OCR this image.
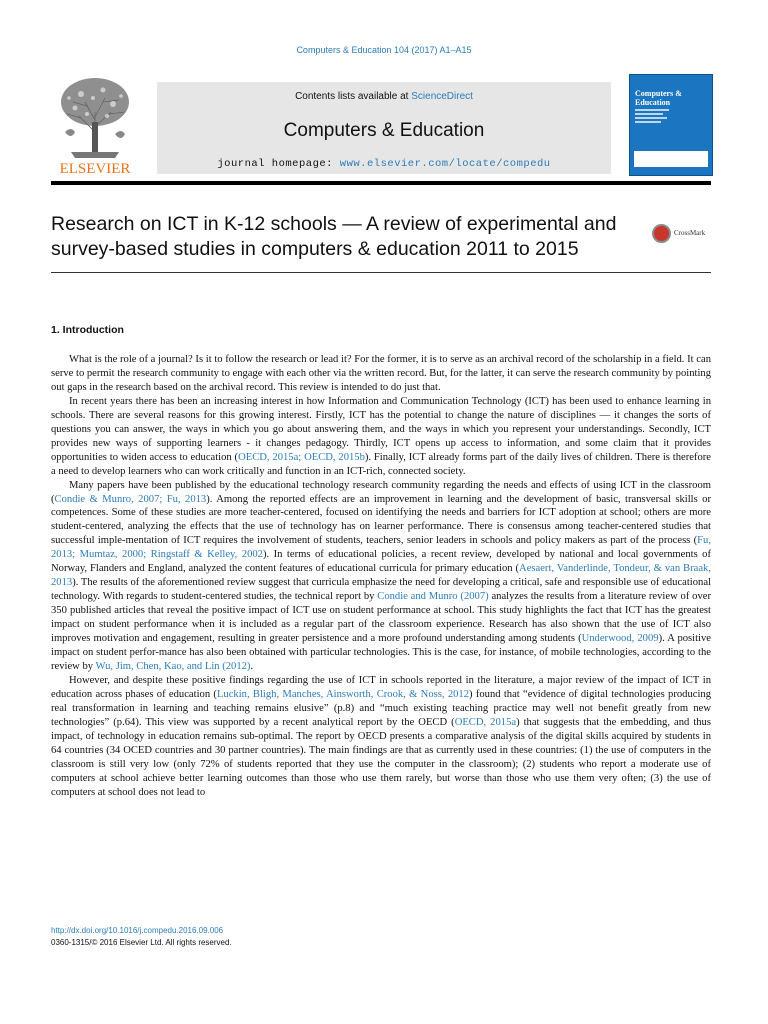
Computers & Education 104 (2017) A1–A15
ELSEVIER
Contents lists available at ScienceDirect
Computers & Education
journal homepage: www.elsevier.com/locate/compedu
Computers & Education
Research on ICT in K-12 schools — A review of experimental and survey-based studies in computers & education 2011 to 2015
CrossMark
1. Introduction

What is the role of a journal? Is it to follow the research or lead it? For the former, it is to serve as an archival record of the scholarship in a field. It can serve to permit the research community to engage with each other via the written record. But, for the latter, it can serve the research community by pointing out gaps in the research based on the archival record. This review is intended to do just that.

In recent years there has been an increasing interest in how Information and Communication Technology (ICT) has been used to enhance learning in schools. There are several reasons for this growing interest. Firstly, ICT has the potential to change the nature of disciplines — it changes the sorts of questions you can answer, the ways in which you go about answering them, and the ways in which you represent your understandings. Secondly, ICT provides new ways of supporting learners - it changes pedagogy. Thirdly, ICT opens up access to information, and some claim that it provides opportunities to widen access to education (OECD, 2015a; OECD, 2015b). Finally, ICT already forms part of the daily lives of children. There is therefore a need to develop learners who can work critically and function in an ICT-rich, connected society.

Many papers have been published by the educational technology research community regarding the needs and effects of using ICT in the classroom (Condie & Munro, 2007; Fu, 2013). Among the reported effects are an improvement in learning and the development of basic, transversal skills or competences. Some of these studies are more teacher-centered, focused on identifying the needs and barriers for ICT adoption at school; others are more student-centered, analyzing the effects that the use of technology has on learner performance. There is consensus among teacher-centered studies that successful imple-mentation of ICT requires the involvement of students, teachers, senior leaders in schools and policy makers as part of the process (Fu, 2013; Mumtaz, 2000; Ringstaff & Kelley, 2002). In terms of educational policies, a recent review, developed by national and local governments of Norway, Flanders and England, analyzed the content features of educational curricula for primary education (Aesaert, Vanderlinde, Tondeur, & van Braak, 2013). The results of the aforementioned review suggest that curricula emphasize the need for developing a critical, safe and responsible use of educational technology. With regards to student-centered studies, the technical report by Condie and Munro (2007) analyzes the results from a literature review of over 350 published articles that reveal the positive impact of ICT use on student performance at school. This study highlights the fact that ICT has the greatest impact on student performance when it is included as a regular part of the classroom experience. Research has also shown that the use of ICT also improves motivation and engagement, resulting in greater persistence and a more profound understanding among students (Underwood, 2009). A positive impact on student perfor-mance has also been obtained with particular technologies. This is the case, for instance, of mobile technologies, according to the review by Wu, Jim, Chen, Kao, and Lin (2012).

However, and despite these positive findings regarding the use of ICT in schools reported in the literature, a major review of the impact of ICT in education across phases of education (Luckin, Bligh, Manches, Ainsworth, Crook, & Noss, 2012) found that “evidence of digital technologies producing real transformation in learning and teaching remains elusive” (p.8) and “much existing teaching practice may well not benefit greatly from new technologies” (p.64). This view was supported by a recent analytical report by the OECD (OECD, 2015a) that suggests that the embedding, and thus impact, of technology in education remains sub-optimal. The report by OECD presents a comparative analysis of the digital skills acquired by students in 64 countries (34 OCED countries and 30 partner countries). The main findings are that as currently used in these countries: (1) the use of computers in the classroom is still very low (only 72% of students reported that they use the computer in the classroom); (2) students who report a moderate use of computers at school achieve better learning outcomes than those who use them rarely, but worse than those who use them very often; (3) the use of computers at school does not lead to

http://dx.doi.org/10.1016/j.compedu.2016.09.006
0360-1315/© 2016 Elsevier Ltd. All rights reserved.
